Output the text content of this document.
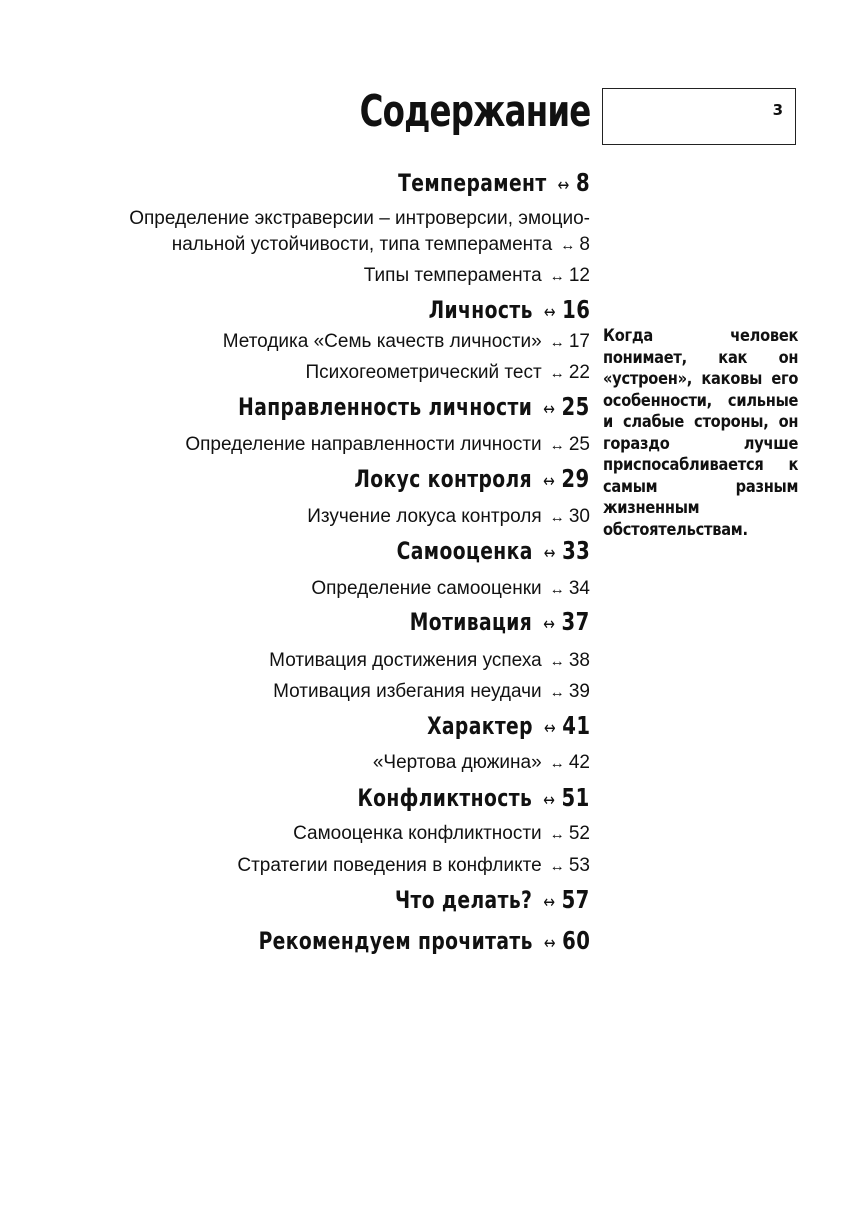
3
Содержание
Темперамент ↔ 8
Определение экстраверсии – интроверсии, эмоцио-
нальной устойчивости, типа темперамента ↔ 8
Типы темперамента ↔ 12
Личность ↔ 16
Методика «Семь качеств личности» ↔ 17
Психогеометрический тест ↔ 22
Направленность личности ↔ 25
Определение направленности личности ↔ 25
Локус контроля ↔ 29
Изучение локуса контроля ↔ 30
Самооценка ↔ 33
Определение самооценки ↔ 34
Мотивация ↔ 37
Мотивация достижения успеха ↔ 38
Мотивация избегания неудачи ↔ 39
Характер ↔ 41
«Чертова дюжина» ↔ 42
Конфликтность ↔ 51
Самооценка конфликтности ↔ 52
Стратегии поведения в конфликте ↔ 53
Что делать? ↔ 57
Рекомендуем прочитать ↔ 60
Когда человек понимает, как он «устроен», каковы его особенности, сильные и слабые стороны, он гораздо лучше приспосабливается к самым разным жизненным обстоятельствам.
